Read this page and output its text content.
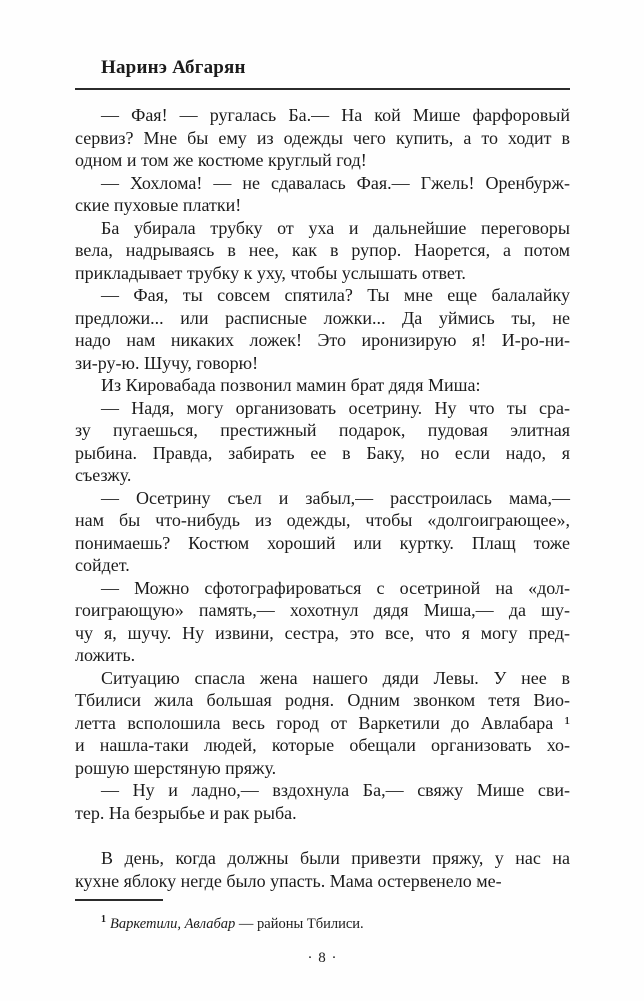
Наринэ Абгарян
— Фая! — ругалась Ба.— На кой Мише фарфоровый
сервиз? Мне бы ему из одежды чего купить, а то ходит в
одном и том же костюме круглый год!
— Хохлома! — не сдавалась Фая.— Гжель! Оренбурж-
ские пуховые платки!
Ба убирала трубку от уха и дальнейшие переговоры
вела, надрываясь в нее, как в рупор. Наорется, а потом
прикладывает трубку к уху, чтобы услышать ответ.
— Фая, ты совсем спятила? Ты мне еще балалайку
предложи... или расписные ложки... Да уймись ты, не
надо нам никаких ложек! Это иронизирую я! И-ро-ни-
зи-ру-ю. Шучу, говорю!
Из Кировабада позвонил мамин брат дядя Миша:
— Надя, могу организовать осетрину. Ну что ты сра-
зу пугаешься, престижный подарок, пудовая элитная
рыбина. Правда, забирать ее в Баку, но если надо, я
съезжу.
— Осетрину съел и забыл,— расстроилась мама,—
нам бы что-нибудь из одежды, чтобы «долгоиграющее»,
понимаешь? Костюм хороший или куртку. Плащ тоже
сойдет.
— Можно сфотографироваться с осетриной на «дол-
гоиграющую» память,— хохотнул дядя Миша,— да шу-
чу я, шучу. Ну извини, сестра, это все, что я могу пред-
ложить.
Ситуацию спасла жена нашего дяди Левы. У нее в
Тбилиси жила большая родня. Одним звонком тетя Вио-
летта всполошила весь город от Варкетили до Авлабара ¹
и нашла-таки людей, которые обещали организовать хо-
рошую шерстяную пряжу.
— Ну и ладно,— вздохнула Ба,— свяжу Мише сви-
тер. На безрыбье и рак рыба.
В день, когда должны были привезти пряжу, у нас на
кухне яблоку негде было упасть. Мама остервенело ме-
$^1$ Варкетили, Авлабар — районы Тбилиси.
· 8 ·
